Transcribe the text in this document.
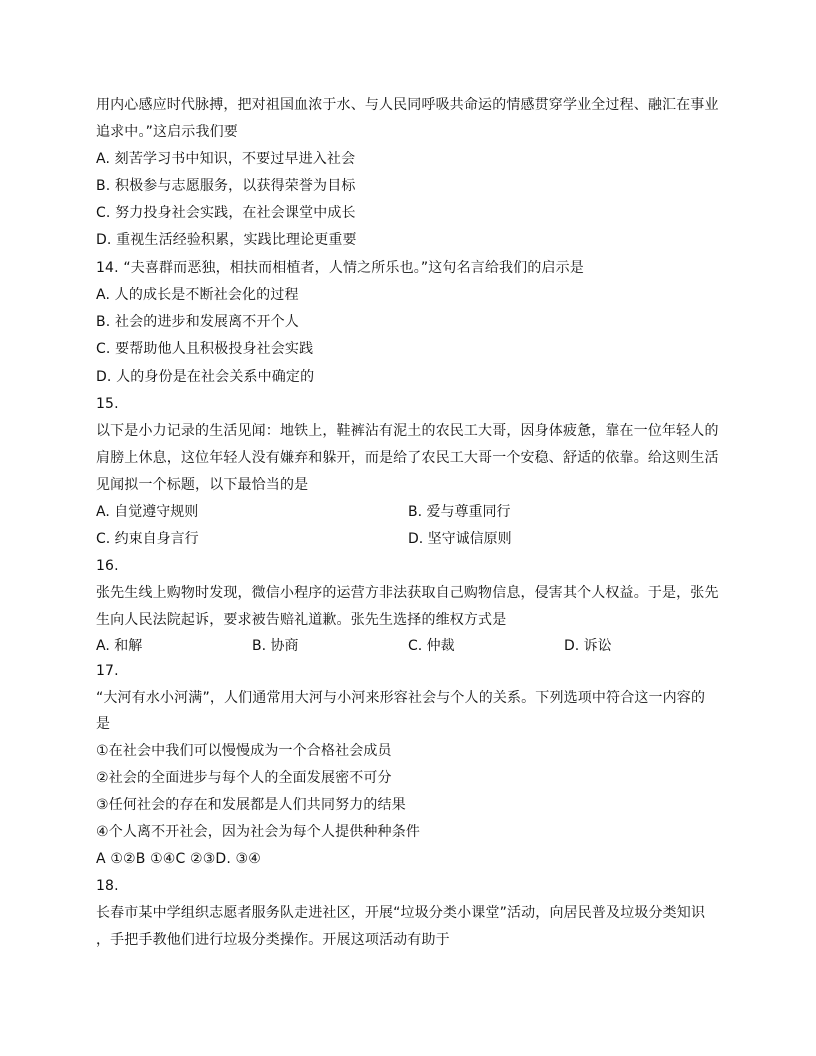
用内心感应时代脉搏，把对祖国血浓于水、与人民同呼吸共命运的情感贯穿学业全过程、融汇在事业
追求中。”这启示我们要
A. 刻苦学习书中知识，不要过早进入社会
B. 积极参与志愿服务，以获得荣誉为目标
C. 努力投身社会实践，在社会课堂中成长
D. 重视生活经验积累，实践比理论更重要
14. “夫喜群而恶独，相扶而相植者，人情之所乐也。”这句名言给我们的启示是
A. 人的成长是不断社会化的过程
B. 社会的进步和发展离不开个人
C. 要帮助他人且积极投身社会实践
D. 人的身份是在社会关系中确定的
15.
以下是小力记录的生活见闻：地铁上，鞋裤沾有泥土的农民工大哥，因身体疲惫，靠在一位年轻人的
肩膀上休息，这位年轻人没有嫌弃和躲开，而是给了农民工大哥一个安稳、舒适的依靠。给这则生活
见闻拟一个标题，以下最恰当的是
A. 自觉遵守规则	B. 爱与尊重同行
C. 约束自身言行	D. 坚守诚信原则
16.
张先生线上购物时发现，微信小程序的运营方非法获取自己购物信息，侵害其个人权益。于是，张先
生向人民法院起诉，要求被告赔礼道歉。张先生选择的维权方式是
A. 和解	B. 协商	C. 仲裁	D. 诉讼
17.
“大河有水小河满”，人们通常用大河与小河来形容社会与个人的关系。下列选项中符合这一内容的
是
①在社会中我们可以慢慢成为一个合格社会成员
②社会的全面进步与每个人的全面发展密不可分
③任何社会的存在和发展都是人们共同努力的结果
④个人离不开社会，因为社会为每个人提供种种条件
A ①②B ①④C ②③D. ③④
18.
长春市某中学组织志愿者服务队走进社区，开展“垃圾分类小课堂”活动，向居民普及垃圾分类知识
，手把手教他们进行垃圾分类操作。开展这项活动有助于
